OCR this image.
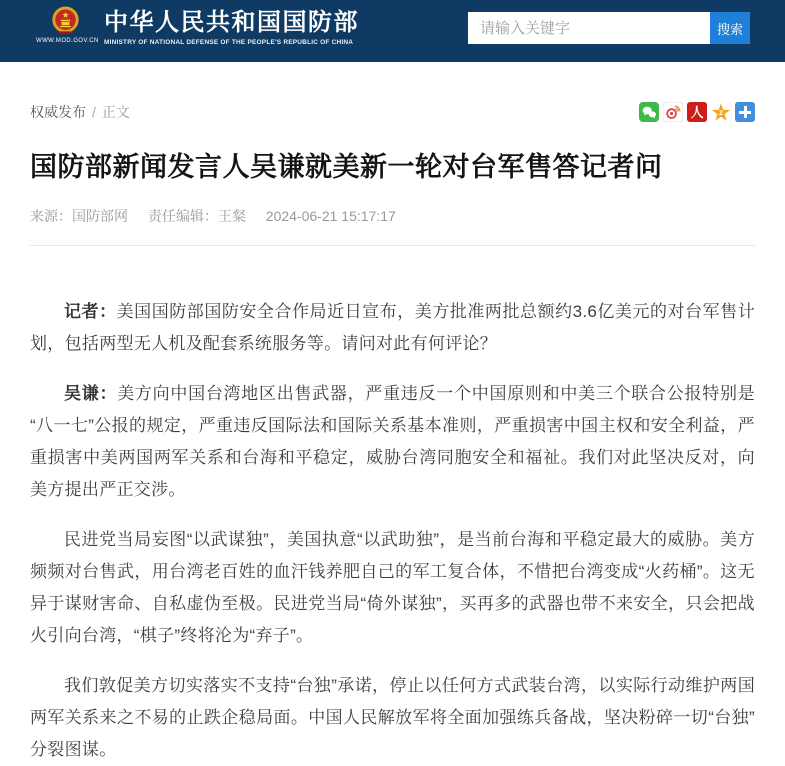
WWW.MOD.GOV.CN
中华人民共和国国防部
MINISTRY OF NATIONAL DEFENSE OF THE PEOPLE'S REPUBLIC OF CHINA
请输入关键字
搜索
权威发布 / 正文	人 z
国防部新闻发言人吴谦就美新一轮对台军售答记者问
来源：国防部网 责任编辑：王粲 2024-06-21 15:17:17

记者：美国国防部国防安全合作局近日宣布，美方批准两批总额约3.6亿美元的对台军售计划，包括两型无人机及配套系统服务等。请问对此有何评论？

吴谦：美方向中国台湾地区出售武器，严重违反一个中国原则和中美三个联合公报特别是“八一七”公报的规定，严重违反国际法和国际关系基本准则，严重损害中国主权和安全利益，严重损害中美两国两军关系和台海和平稳定，威胁台湾同胞安全和福祉。我们对此坚决反对，向美方提出严正交涉。

民进党当局妄图“以武谋独”，美国执意“以武助独”，是当前台海和平稳定最大的威胁。美方频频对台售武，用台湾老百姓的血汗钱养肥自己的军工复合体，不惜把台湾变成“火药桶”。这无异于谋财害命、自私虚伪至极。民进党当局“倚外谋独”，买再多的武器也带不来安全，只会把战火引向台湾，“棋子”终将沦为“弃子”。

我们敦促美方切实落实不支持“台独”承诺，停止以任何方式武装台湾，以实际行动维护两国两军关系来之不易的止跌企稳局面。中国人民解放军将全面加强练兵备战，坚决粉碎一切“台独”分裂图谋。
